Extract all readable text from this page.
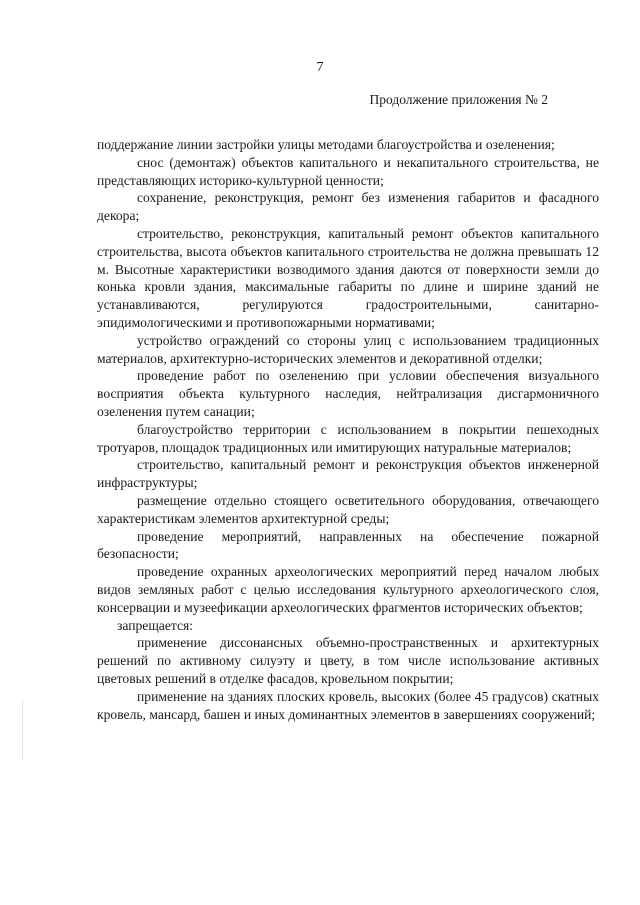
7
Продолжение приложения № 2

поддержание линии застройки улицы методами благоустройства и озеленения;

снос (демонтаж) объектов капитального и некапитального строительства, не представляющих историко-культурной ценности;

сохранение, реконструкция, ремонт без изменения габаритов и фасадного декора;

строительство, реконструкция, капитальный ремонт объектов капитального строительства, высота объектов капитального строительства не должна превышать 12 м. Высотные характеристики возводимого здания даются от поверхности земли до конька кровли здания, максимальные габариты по длине и ширине зданий не устанавливаются, регулируются градостроительными, санитарно-эпидимологическими и противопожарными нормативами;

устройство ограждений со стороны улиц с использованием традиционных материалов, архитектурно-исторических элементов и декоративной отделки;

проведение работ по озеленению при условии обеспечения визуального восприятия объекта культурного наследия, нейтрализация дисгармоничного озеленения путем санации;

благоустройство территории с использованием в покрытии пешеходных тротуаров, площадок традиционных или имитирующих натуральные материалов;

строительство, капитальный ремонт и реконструкция объектов инженерной инфраструктуры;

размещение отдельно стоящего осветительного оборудования, отвечающего характеристикам элементов архитектурной среды;

проведение мероприятий, направленных на обеспечение пожарной безопасности;

проведение охранных археологических мероприятий перед началом любых видов земляных работ с целью исследования культурного археологического слоя, консервации и музеефикации археологических фрагментов исторических объектов;

запрещается:

применение диссонансных объемно-пространственных и архитектурных решений по активному силуэту и цвету, в том числе использование активных цветовых решений в отделке фасадов, кровельном покрытии;

применение на зданиях плоских кровель, высоких (более 45 градусов) скатных кровель, мансард, башен и иных доминантных элементов в завершениях сооружений;
